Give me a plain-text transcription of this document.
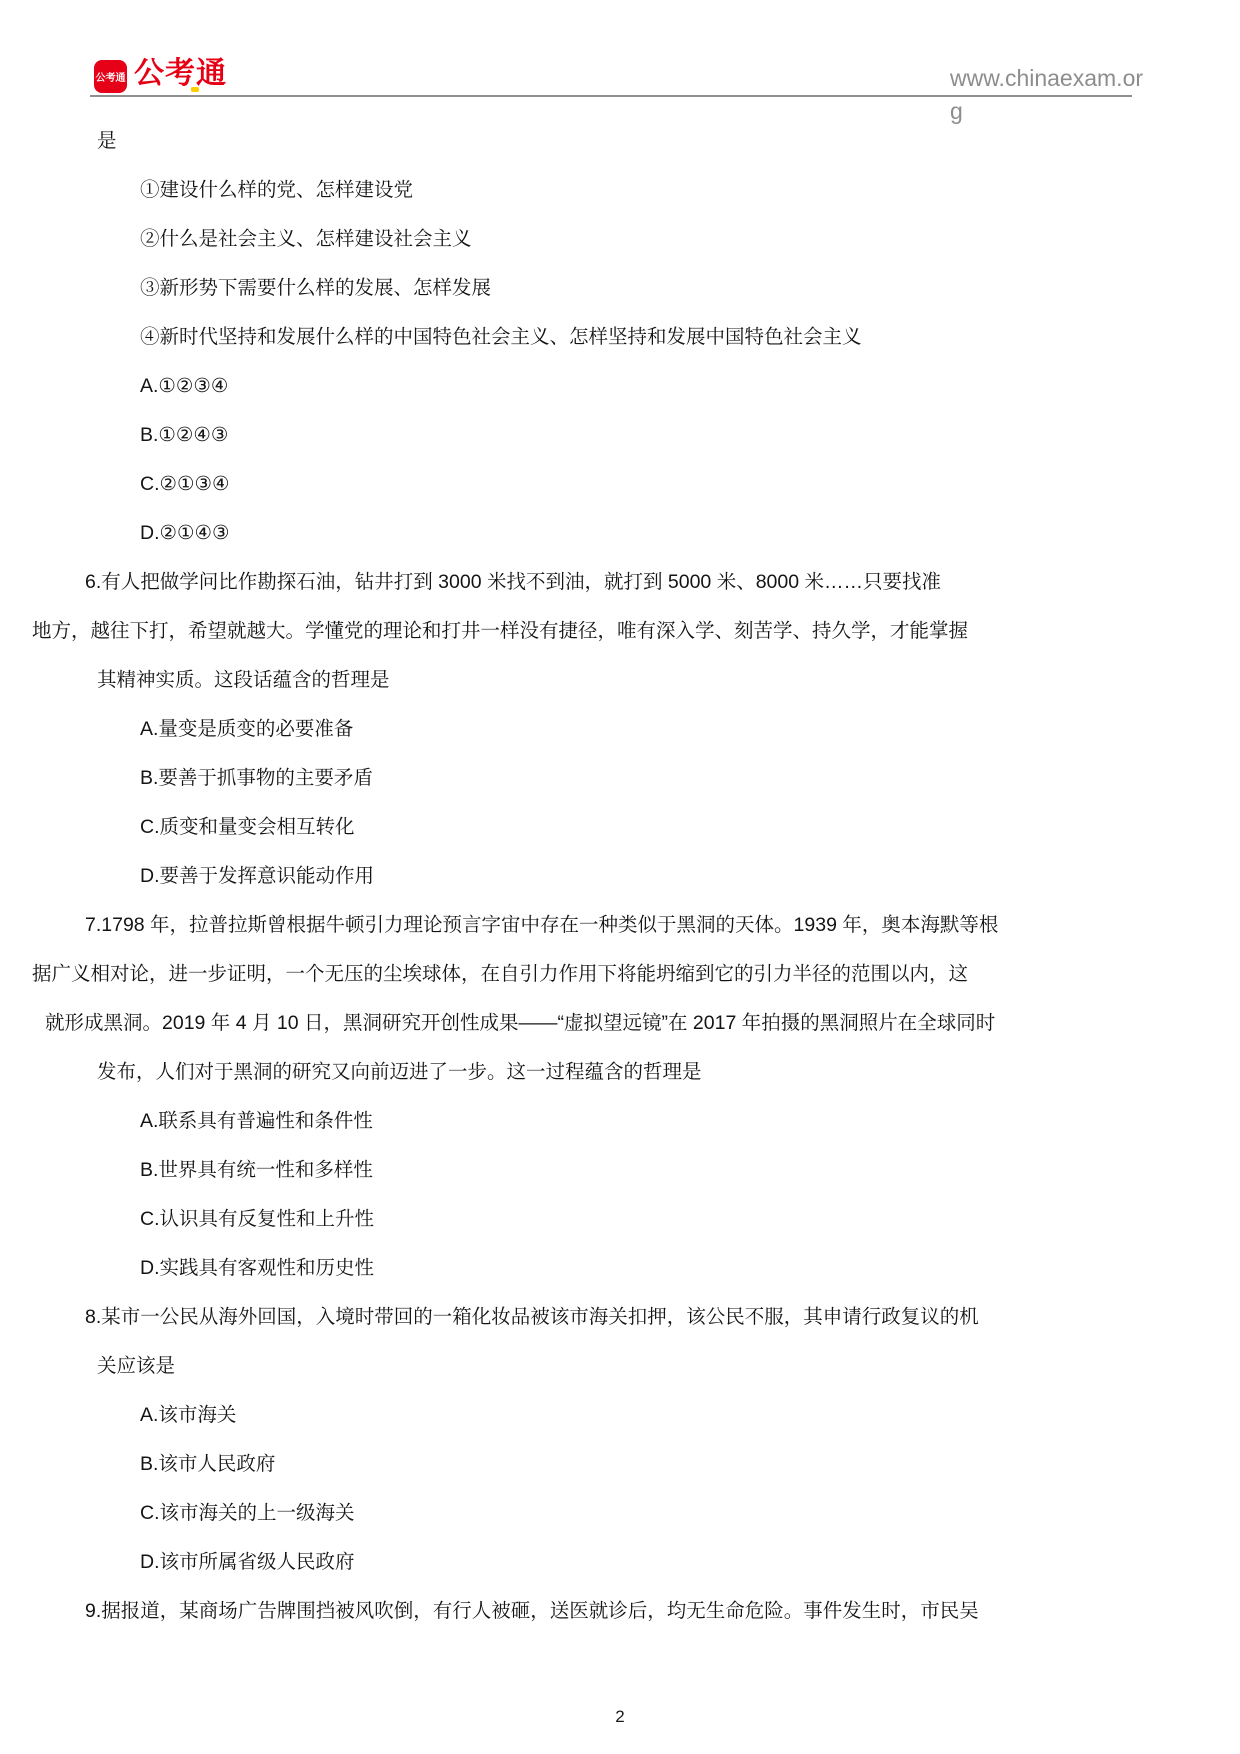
公考通 公考通	www.chinaexam.or
g
是
①建设什么样的党、怎样建设党
②什么是社会主义、怎样建设社会主义
③新形势下需要什么样的发展、怎样发展
④新时代坚持和发展什么样的中国特色社会主义、怎样坚持和发展中国特色社会主义
A.①②③④
B.①②④③
C.②①③④
D.②①④③
6.有人把做学问比作勘探石油，钻井打到 3000 米找不到油，就打到 5000 米、8000 米……只要找准
地方，越往下打，希望就越大。学懂党的理论和打井一样没有捷径，唯有深入学、刻苦学、持久学，才能掌握
其精神实质。这段话蕴含的哲理是
A.量变是质变的必要准备
B.要善于抓事物的主要矛盾
C.质变和量变会相互转化
D.要善于发挥意识能动作用
7.1798 年，拉普拉斯曾根据牛顿引力理论预言字宙中存在一种类似于黑洞的天体。1939 年，奥本海默等根
据广义相对论，进一步证明，一个无压的尘埃球体，在自引力作用下将能坍缩到它的引力半径的范围以内，这
就形成黑洞。2019 年 4 月 10 日，黑洞研究开创性成果——“虚拟望远镜”在 2017 年拍摄的黑洞照片在全球同时
发布，人们对于黑洞的研究又向前迈进了一步。这一过程蕴含的哲理是
A.联系具有普遍性和条件性
B.世界具有统一性和多样性
C.认识具有反复性和上升性
D.实践具有客观性和历史性
8.某市一公民从海外回国，入境时带回的一箱化妆品被该市海关扣押，该公民不服，其申请行政复议的机
关应该是
A.该市海关
B.该市人民政府
C.该市海关的上一级海关
D.该市所属省级人民政府
9.据报道，某商场广告牌围挡被风吹倒，有行人被砸，送医就诊后，均无生命危险。事件发生时，市民吴
2
